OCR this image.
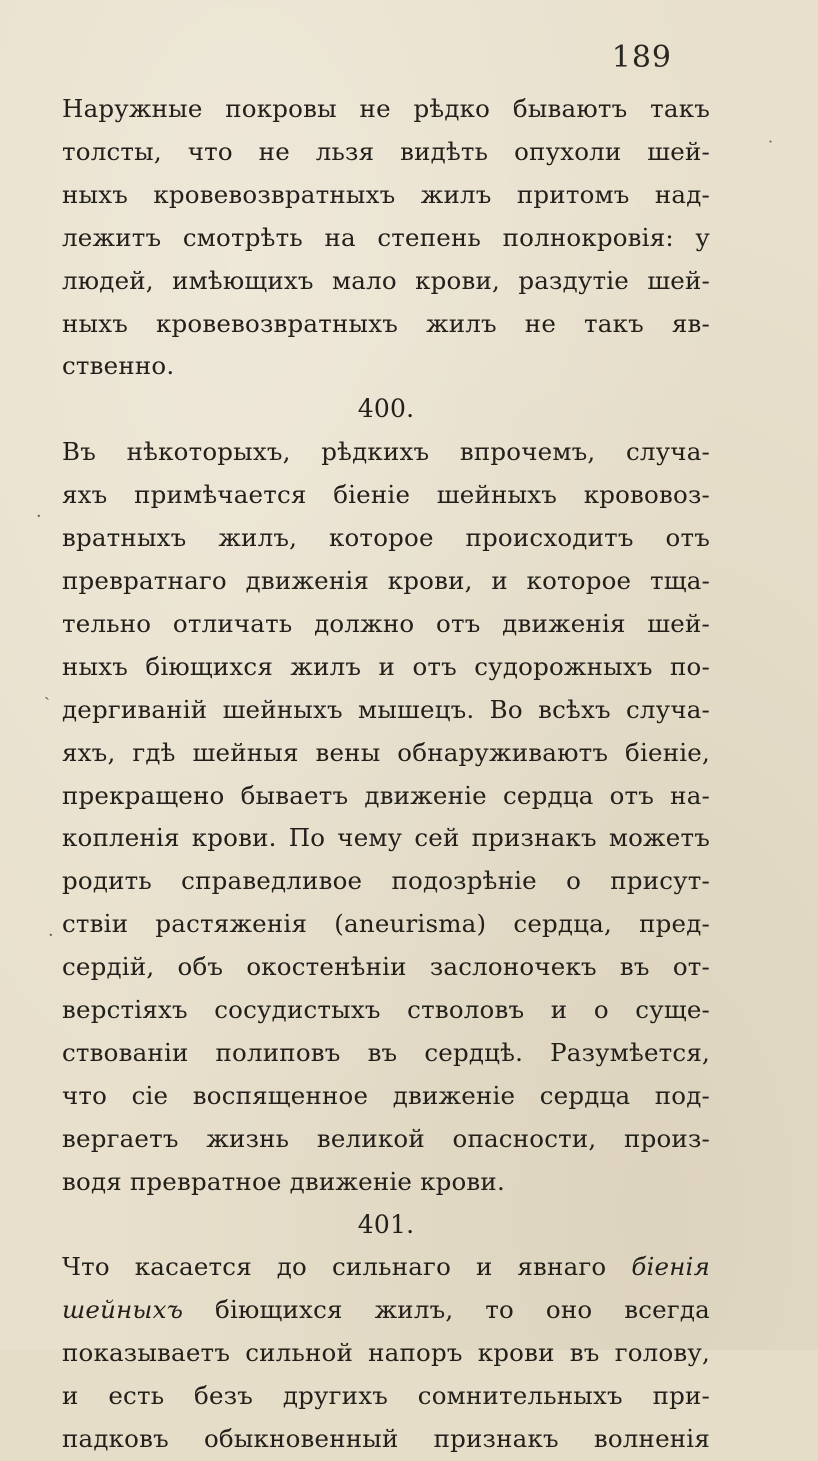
189
˙
·
ˏ
·
Наружные покровы не рѣдко бываютъ такъ
толсты, что не льзя видѣть опухоли шей-
ныхъ кровевозвратныхъ жилъ притомъ над-
лежитъ смотрѣть на степень полнокровія: у
людей, имѣющихъ мало крови, раздутіе шей-
ныхъ кровевозвратныхъ жилъ не такъ яв-
ственно.
400.
Въ нѣкоторыхъ, рѣдкихъ впрочемъ, случа-
яхъ примѣчается біеніе шейныхъ крововоз-
вратныхъ жилъ, которое происходитъ отъ
превратнаго движенія крови, и которое тща-
тельно отличать должно отъ движенія шей-
ныхъ біющихся жилъ и отъ судорожныхъ по-
дергиваній шейныхъ мышецъ. Во всѣхъ случа-
яхъ, гдѣ шейныя вены обнаруживаютъ біеніе,
прекращено бываетъ движеніе сердца отъ на-
копленія крови. По чему сей признакъ можетъ
родить справедливое подозрѣніе о присут-
ствіи растяженія (aneurisma) сердца, пред-
сердій, объ окостенѣніи заслоночекъ въ от-
верстіяхъ сосудистыхъ стволовъ и о суще-
ствованіи полиповъ въ сердцѣ. Разумѣется,
что сіе воспященное движеніе сердца под-
вергаетъ жизнь великой опасности, произ-
водя превратное движеніе крови.
401.
Что касается до сильнаго и явнаго біенія
шейныхъ біющихся жилъ, то оно всегда
показываетъ сильной напоръ крови въ голову,
и есть безъ другихъ сомнительныхъ при-
падковъ обыкновенный признакъ волненія
